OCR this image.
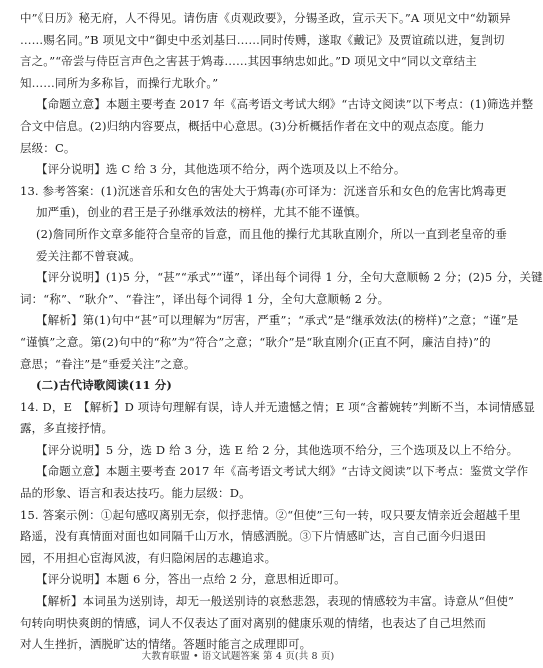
中”《日历》秘无府，人不得见。请伤唐《贞观政要》，分锡圣政，宣示天下。”A 项见文中“幼颖异
……赐名同。”B 项见文中“御史中丞刘基曰……同时传赙，遂取《戴记》及贾谊疏以进，复剀切
言之。”“帝尝与侍臣言声色之害甚于鸩毒……其因事纳忠如此。”D 项见文中“同以文章结主
知……同所为多称旨，而操行尤耿介。”
【命题立意】本题主要考查 2017 年《高考语文考试大纲》“古诗文阅读”以下考点：(1)筛选并整
合文中信息。(2)归纳内容要点，概括中心意思。(3)分析概括作者在文中的观点态度。能力
层级：C。
【评分说明】选 C 给 3 分，其他选项不给分，两个选项及以上不给分。
13. 参考答案：(1)沉迷音乐和女色的害处大于鸩毒(亦可译为：沉迷音乐和女色的危害比鸩毒更
加严重)，创业的君王是子孙继承效法的榜样，尤其不能不谨慎。
(2)詹同所作文章多能符合皇帝的旨意，而且他的操行尤其耿直刚介，所以一直到老皇帝的垂
爱关注都不曾衰减。
【评分说明】(1)5 分，“甚”“承式”“谨”，译出每个词得 1 分，全句大意顺畅 2 分；(2)5 分，关键
词：“称”、“耿介”、“眷注”，译出每个词得 1 分，全句大意顺畅 2 分。
【解析】第(1)句中“甚”可以理解为“厉害，严重”；“承式”是“继承效法(的榜样)”之意；“谨”是
“谨慎”之意。第(2)句中的“称”为“符合”之意；“耿介”是“耿直刚介(正直不阿，廉洁自持)”的
意思；“眷注”是“垂爱关注”之意。
(二)古代诗歌阅读(11 分)
14. D，E　【解析】D 项诗句理解有误，诗人并无遗憾之情；E 项“含蓄婉转”判断不当，本词情感显
露，多直接抒情。
【评分说明】5 分，选 D 给 3 分，选 E 给 2 分，其他选项不给分，三个选项及以上不给分。
【命题立意】本题主要考查 2017 年《高考语文考试大纲》“古诗文阅读”以下考点：鉴赏文学作
品的形象、语言和表达技巧。能力层级：D。
15. 答案示例：①起句感叹离别无奈，似抒悲情。②“但使”三句一转，叹只要友情亲近会超越千里
路遥，没有真情面对面也如同隔千山万水，情感洒脱。③下片情感旷达，言自己面今归退田
园，不用担心宦海风波，有归隐闲居的志趣追求。
【评分说明】本题 6 分，答出一点给 2 分，意思相近即可。
【解析】本词虽为送别诗，却无一般送别诗的哀愁悲怨，表现的情感较为丰富。诗意从“但使”
句转向明快爽朗的情感，词人不仅表达了面对离别的健康乐观的情绪，也表达了自己坦然而
对人生挫折，洒脱旷达的情绪。答题时能言之成理即可。
大教育联盟 • 语文试题答案 第 4 页(共 8 页)
